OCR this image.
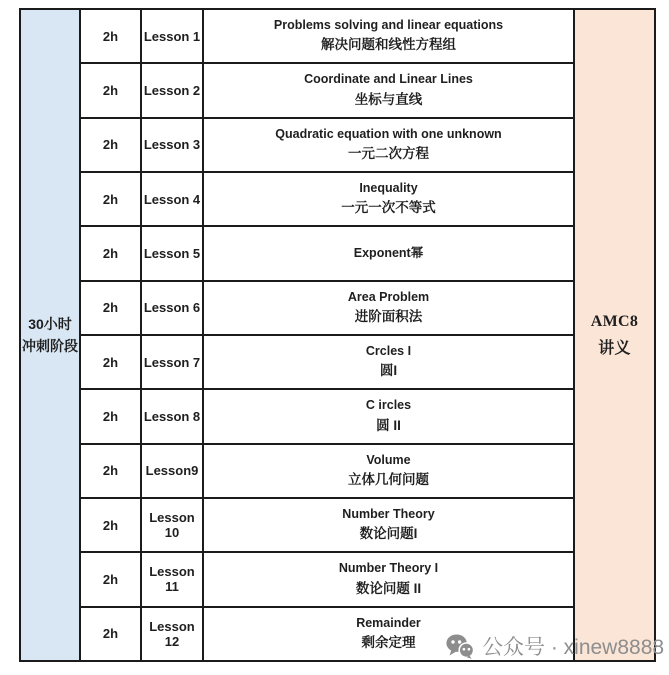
30小时
冲刺阶段
AMC8
讲义
2h	Lesson 1
Problems solving and linear equations
解决问题和线性方程组
2h	Lesson 2
Coordinate and Linear Lines
坐标与直线
2h	Lesson 3
Quadratic equation with one unknown
一元二次方程
2h	Lesson 4
Inequality
一元一次不等式
2h	Lesson 5	Exponent幂
2h	Lesson 6
Area Problem
进阶面积法
2h	Lesson 7
Crcles I
圆I
2h	Lesson 8
C ircles
圆 II
2h	Lesson9
Volume
立体几何问题
2h	Lesson 10
Number Theory
数论问题I
2h	Lesson 11
Number Theory I
数论问题 II
2h	Lesson 12
Remainder
剩余定理	公众号 · xinew8888
